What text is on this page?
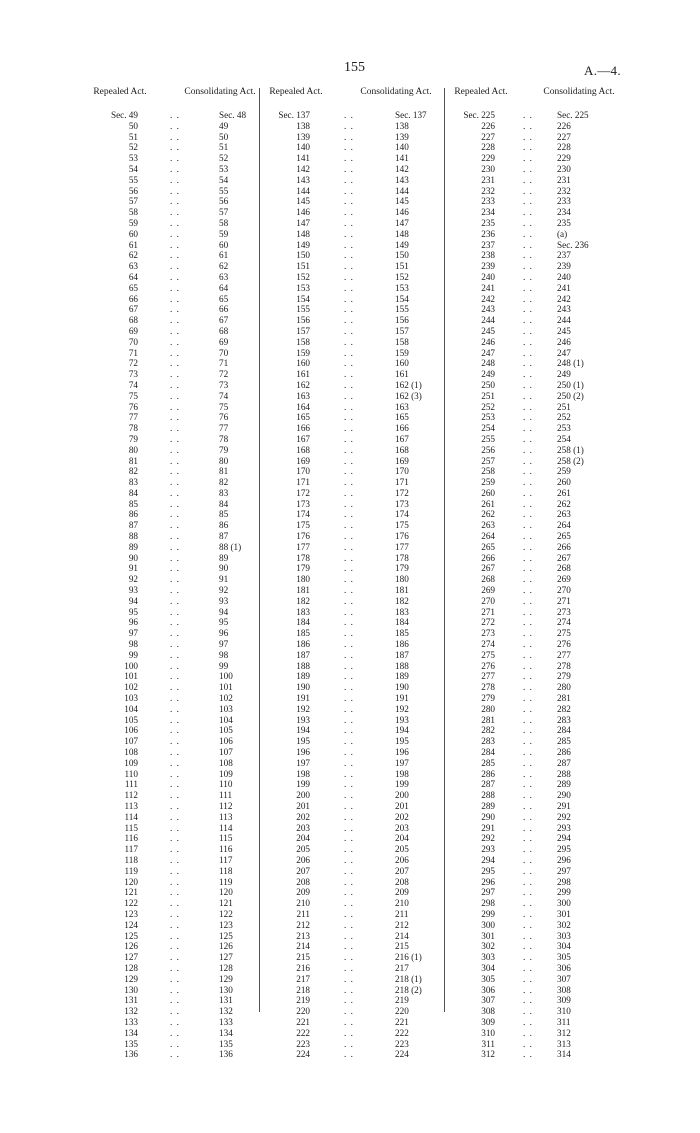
155	A.—4.
Repealed Act.	Consolidating Act.
Sec. 49	. .	Sec. 48
50	. .	49
51	. .	50
52	. .	51
53	. .	52
54	. .	53
55	. .	54
56	. .	55
57	. .	56
58	. .	57
59	. .	58
60	. .	59
61	. .	60
62	. .	61
63	. .	62
64	. .	63
65	. .	64
66	. .	65
67	. .	66
68	. .	67
69	. .	68
70	. .	69
71	. .	70
72	. .	71
73	. .	72
74	. .	73
75	. .	74
76	. .	75
77	. .	76
78	. .	77
79	. .	78
80	. .	79
81	. .	80
82	. .	81
83	. .	82
84	. .	83
85	. .	84
86	. .	85
87	. .	86
88	. .	87
89	. .	88 (1)
90	. .	89
91	. .	90
92	. .	91
93	. .	92
94	. .	93
95	. .	94
96	. .	95
97	. .	96
98	. .	97
99	. .	98
100	. .	99
101	. .	100
102	. .	101
103	. .	102
104	. .	103
105	. .	104
106	. .	105
107	. .	106
108	. .	107
109	. .	108
110	. .	109
111	. .	110
112	. .	111
113	. .	112
114	. .	113
115	. .	114
116	. .	115
117	. .	116
118	. .	117
119	. .	118
120	. .	119
121	. .	120
122	. .	121
123	. .	122
124	. .	123
125	. .	125
126	. .	126
127	. .	127
128	. .	128
129	. .	129
130	. .	130
131	. .	131
132	. .	132
133	. .	133
134	. .	134
135	. .	135
136	. .	136
Repealed Act.	Consolidating Act.
Sec. 137	. .	Sec. 137
138	. .	138
139	. .	139
140	. .	140
141	. .	141
142	. .	142
143	. .	143
144	. .	144
145	. .	145
146	. .	146
147	. .	147
148	. .	148
149	. .	149
150	. .	150
151	. .	151
152	. .	152
153	. .	153
154	. .	154
155	. .	155
156	. .	156
157	. .	157
158	. .	158
159	. .	159
160	. .	160
161	. .	161
162	. .	162 (1)
163	. .	162 (3)
164	. .	163
165	. .	165
166	. .	166
167	. .	167
168	. .	168
169	. .	169
170	. .	170
171	. .	171
172	. .	172
173	. .	173
174	. .	174
175	. .	175
176	. .	176
177	. .	177
178	. .	178
179	. .	179
180	. .	180
181	. .	181
182	. .	182
183	. .	183
184	. .	184
185	. .	185
186	. .	186
187	. .	187
188	. .	188
189	. .	189
190	. .	190
191	. .	191
192	. .	192
193	. .	193
194	. .	194
195	. .	195
196	. .	196
197	. .	197
198	. .	198
199	. .	199
200	. .	200
201	. .	201
202	. .	202
203	. .	203
204	. .	204
205	. .	205
206	. .	206
207	. .	207
208	. .	208
209	. .	209
210	. .	210
211	. .	211
212	. .	212
213	. .	214
214	. .	215
215	. .	216 (1)
216	. .	217
217	. .	218 (1)
218	. .	218 (2)
219	. .	219
220	. .	220
221	. .	221
222	. .	222
223	. .	223
224	. .	224
Repealed Act.	Consolidating Act.
Sec. 225	. .	Sec. 225
226	. .	226
227	. .	227
228	. .	228
229	. .	229
230	. .	230
231	. .	231
232	. .	232
233	. .	233
234	. .	234
235	. .	235
236	. .	(a)
237	. .	Sec. 236
238	. .	237
239	. .	239
240	. .	240
241	. .	241
242	. .	242
243	. .	243
244	. .	244
245	. .	245
246	. .	246
247	. .	247
248	. .	248 (1)
249	. .	249
250	. .	250 (1)
251	. .	250 (2)
252	. .	251
253	. .	252
254	. .	253
255	. .	254
256	. .	258 (1)
257	. .	258 (2)
258	. .	259
259	. .	260
260	. .	261
261	. .	262
262	. .	263
263	. .	264
264	. .	265
265	. .	266
266	. .	267
267	. .	268
268	. .	269
269	. .	270
270	. .	271
271	. .	273
272	. .	274
273	. .	275
274	. .	276
275	. .	277
276	. .	278
277	. .	279
278	. .	280
279	. .	281
280	. .	282
281	. .	283
282	. .	284
283	. .	285
284	. .	286
285	. .	287
286	. .	288
287	. .	289
288	. .	290
289	. .	291
290	. .	292
291	. .	293
292	. .	294
293	. .	295
294	. .	296
295	. .	297
296	. .	298
297	. .	299
298	. .	300
299	. .	301
300	. .	302
301	. .	303
302	. .	304
303	. .	305
304	. .	306
305	. .	307
306	. .	308
307	. .	309
308	. .	310
309	. .	311
310	. .	312
311	. .	313
312	. .	314
